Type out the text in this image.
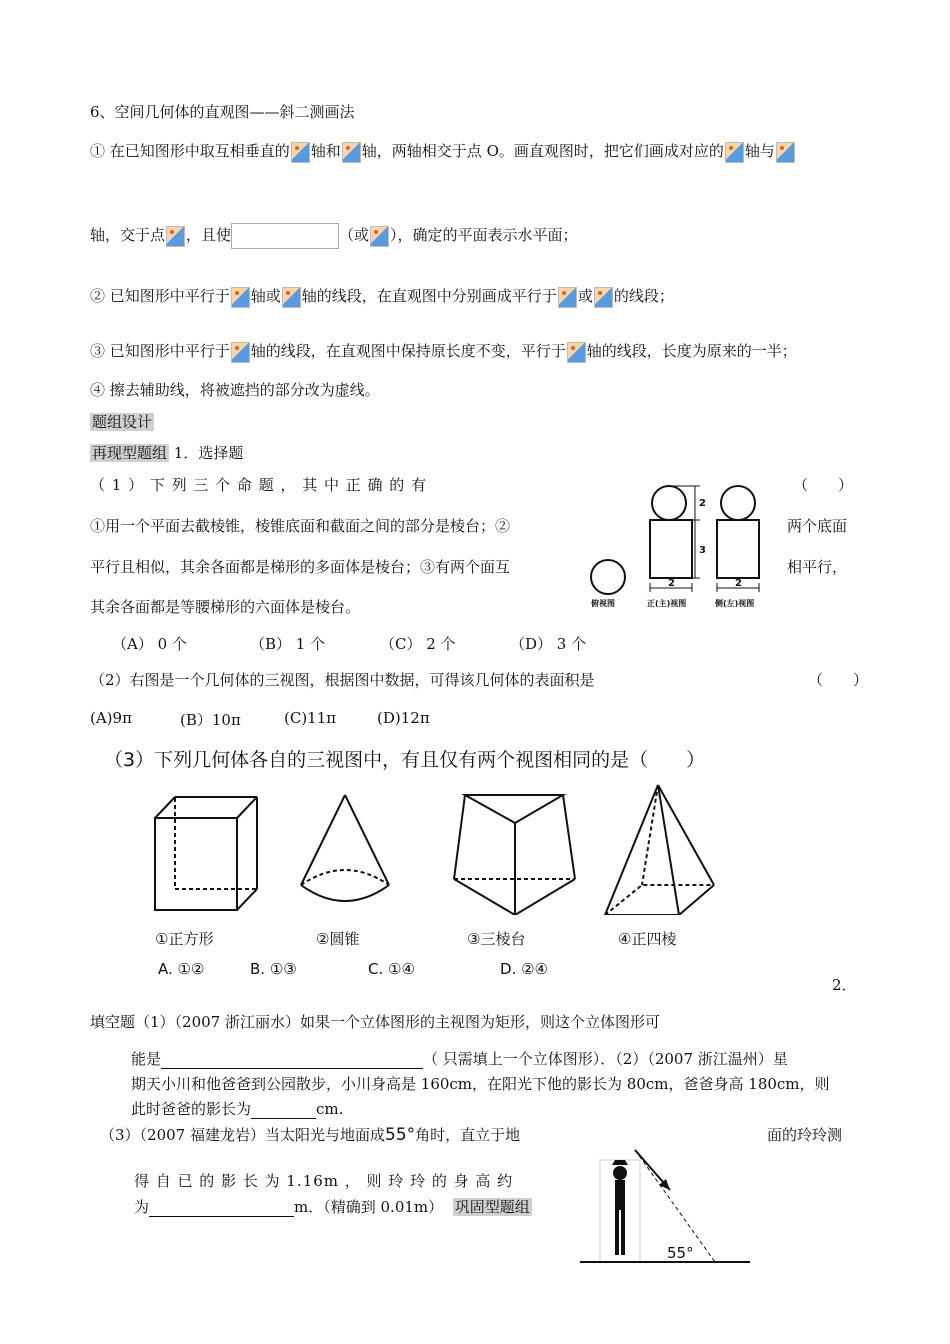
6、空间几何体的直观图——斜二测画法
① 在已知图形中取互相垂直的 轴和 轴，两轴相交于点 O。画直观图时，把它们画成对应的 轴与
轴，交于点 ，且使	（或 ），确定的平面表示水平面；
② 已知图形中平行于 轴或 轴的线段，在直观图中分别画成平行于 或 的线段；
③ 已知图形中平行于 轴的线段，在直观图中保持原长度不变，平行于 轴的线段，长度为原来的一半；
④ 擦去辅助线，将被遮挡的部分改为虚线。
题组设计
再现型题组 1．选择题
（ 1 ） 下 列 三 个 命 题 ， 其 中 正 确 的 有	（　　）
①用一个平面去截棱锥，棱锥底面和截面之间的部分是棱台；②	两个底面
平行且相似，其余各面都是梯形的多面体是棱台；③有两个面互	相平行，
其余各面都是等腰梯形的六面体是棱台。
（A） 0 个	（B） 1 个	（C） 2 个	（D） 3 个
2
3
2	2
俯视图	正(主)视图	侧(左)视图
（2）右图是一个几何体的三视图，根据图中数据，可得该几何体的表面积是	（　　）
(A)9π	(B）10π	(C)11π	(D)12π
（3）下列几何体各自的三视图中，有且仅有两个视图相同的是（　　）
①正方形	②圆锥	③三棱台	④正四棱
A. ①②	B. ①③	C. ①④	D. ②④
2．
填空题（1）（2007 浙江丽水）如果一个立体图形的主视图为矩形，则这个立体图形可
能是	（ 只需填上一个立体图形）．（2）（2007 浙江温州）星
期天小川和他爸爸到公园散步，小川身高是 160cm，在阳光下他的影长为 80cm，爸爸身高 180cm，则
此时爸爸的影长为	cm.
（3）（2007 福建龙岩）当太阳光与地面成55°角时，直立于地	面的玲玲测
得 自 已 的 影 长 为 1.16m ， 则 玲 玲 的 身 高 约
为	m．（精确到 0.01m） 巩固型题组
55°
